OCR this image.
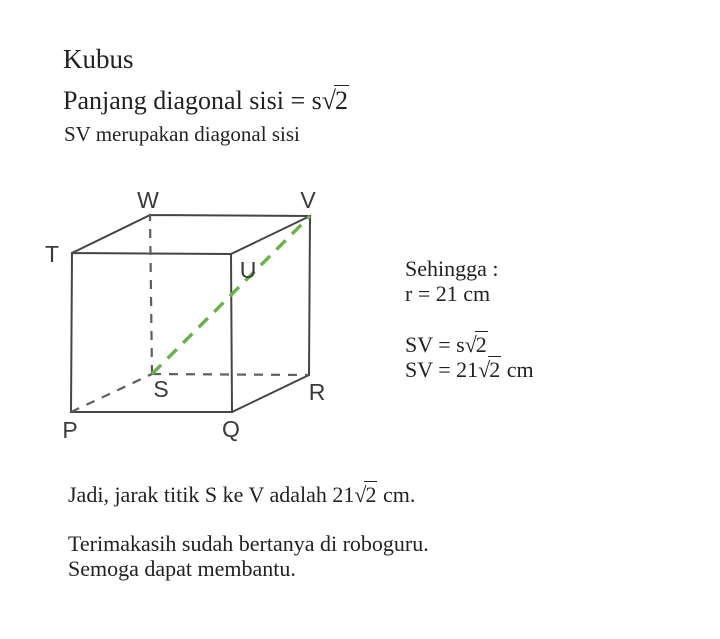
Kubus
Panjang diagonal sisi = s√2
SV merupakan diagonal sisi
T
W	V
U
S	R
P	Q
Sehingga :
r = 21 cm
SV = s√2
SV = 21√2 cm
Jadi, jarak titik S ke V adalah 21√2 cm.
Terimakasih sudah bertanya di roboguru.
Semoga dapat membantu.
